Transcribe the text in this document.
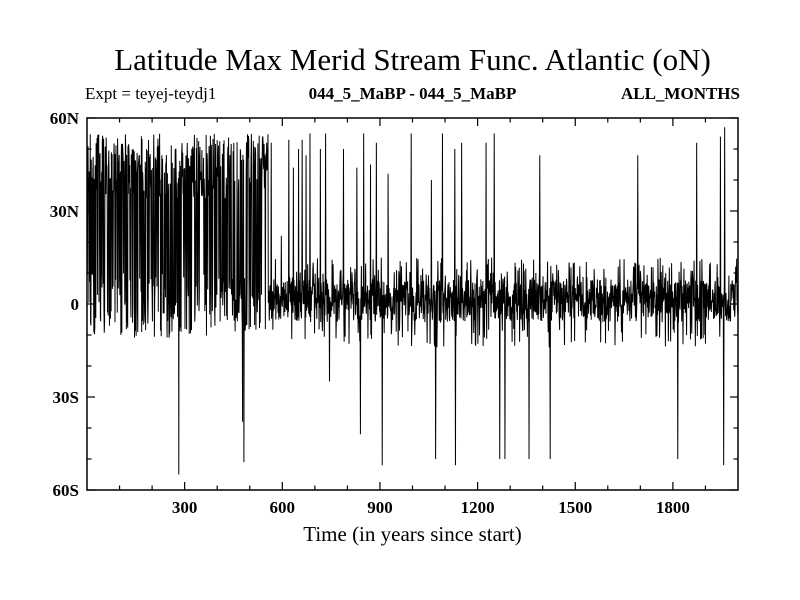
Latitude Max Merid Stream Func. Atlantic (oN)
Expt = teyej-teydj1	044_5_MaBP - 044_5_MaBP	ALL_MONTHS
300	600	900	1200	1500	1800
60N
30N
0
30S
60S
Time (in years since start)
